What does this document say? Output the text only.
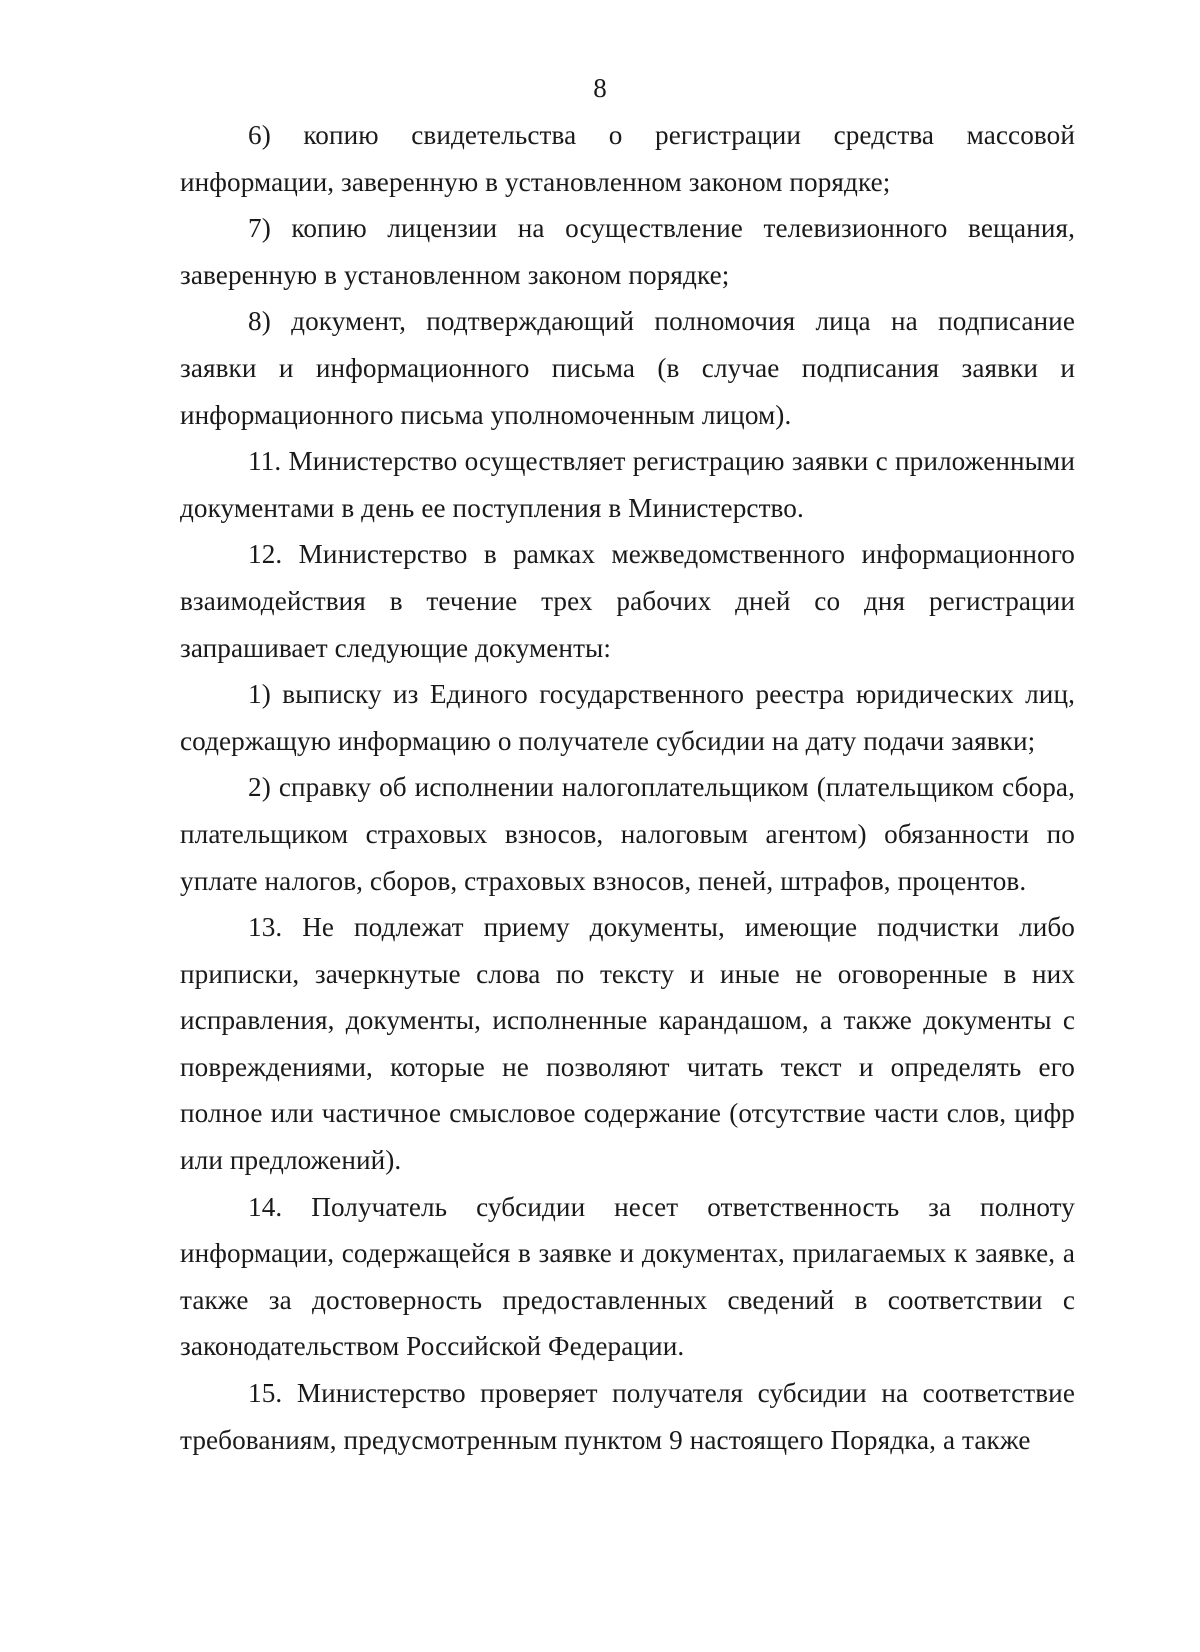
8

6) копию свидетельства о регистрации средства массовой информации, заверенную в установленном законом порядке;

7) копию лицензии на осуществление телевизионного вещания, заверенную в установленном законом порядке;

8) документ, подтверждающий полномочия лица на подписание заявки и информационного письма (в случае подписания заявки и информационного письма уполномоченным лицом).

11. Министерство осуществляет регистрацию заявки с приложенными документами в день ее поступления в Министерство.

12. Министерство в рамках межведомственного информационного взаимодействия в течение трех рабочих дней со дня регистрации запрашивает следующие документы:

1) выписку из Единого государственного реестра юридических лиц, содержащую информацию о получателе субсидии на дату подачи заявки;

2) справку об исполнении налогоплательщиком (плательщиком сбора, плательщиком страховых взносов, налоговым агентом) обязанности по уплате налогов, сборов, страховых взносов, пеней, штрафов, процентов.

13. Не подлежат приему документы, имеющие подчистки либо приписки, зачеркнутые слова по тексту и иные не оговоренные в них исправления, документы, исполненные карандашом, а также документы с повреждениями, которые не позволяют читать текст и определять его полное или частичное смысловое содержание (отсутствие части слов, цифр или предложений).

14. Получатель субсидии несет ответственность за полноту информации, содержащейся в заявке и документах, прилагаемых к заявке, а также за достоверность предоставленных сведений в соответствии с законодательством Российской Федерации.

15. Министерство проверяет получателя субсидии на соответствие требованиям, предусмотренным пунктом 9 настоящего Порядка, а также
